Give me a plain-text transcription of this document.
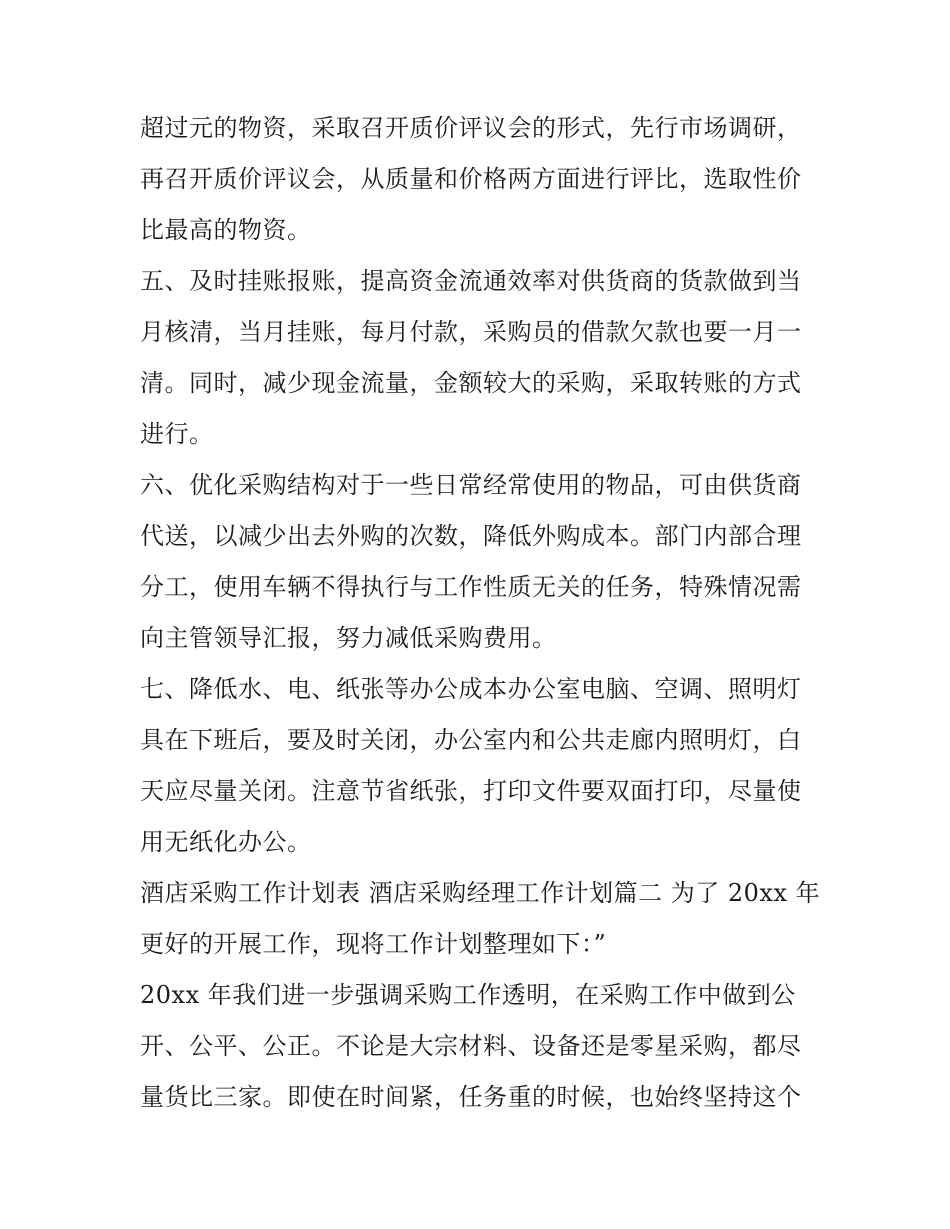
超过元的物资，采取召开质价评议会的形式，先行市场调研，
再召开质价评议会，从质量和价格两方面进行评比，选取性价
比最高的物资。
五、及时挂账报账，提高资金流通效率对供货商的货款做到当
月核清，当月挂账，每月付款，采购员的借款欠款也要一月一
清。同时，减少现金流量，金额较大的采购，采取转账的方式
进行。
六、优化采购结构对于一些日常经常使用的物品，可由供货商
代送，以减少出去外购的次数，降低外购成本。部门内部合理
分工，使用车辆不得执行与工作性质无关的任务，特殊情况需
向主管领导汇报，努力减低采购费用。
七、降低水、电、纸张等办公成本办公室电脑、空调、照明灯
具在下班后，要及时关闭，办公室内和公共走廊内照明灯，白
天应尽量关闭。注意节省纸张，打印文件要双面打印，尽量使
用无纸化办公。
酒店采购工作计划表 酒店采购经理工作计划篇二 为了 20xx 年
更好的开展工作，现将工作计划整理如下：”
20xx 年我们进一步强调采购工作透明，在采购工作中做到公
开、公平、公正。不论是大宗材料、设备还是零星采购，都尽
量货比三家。即使在时间紧，任务重的时候，也始终坚持这个
